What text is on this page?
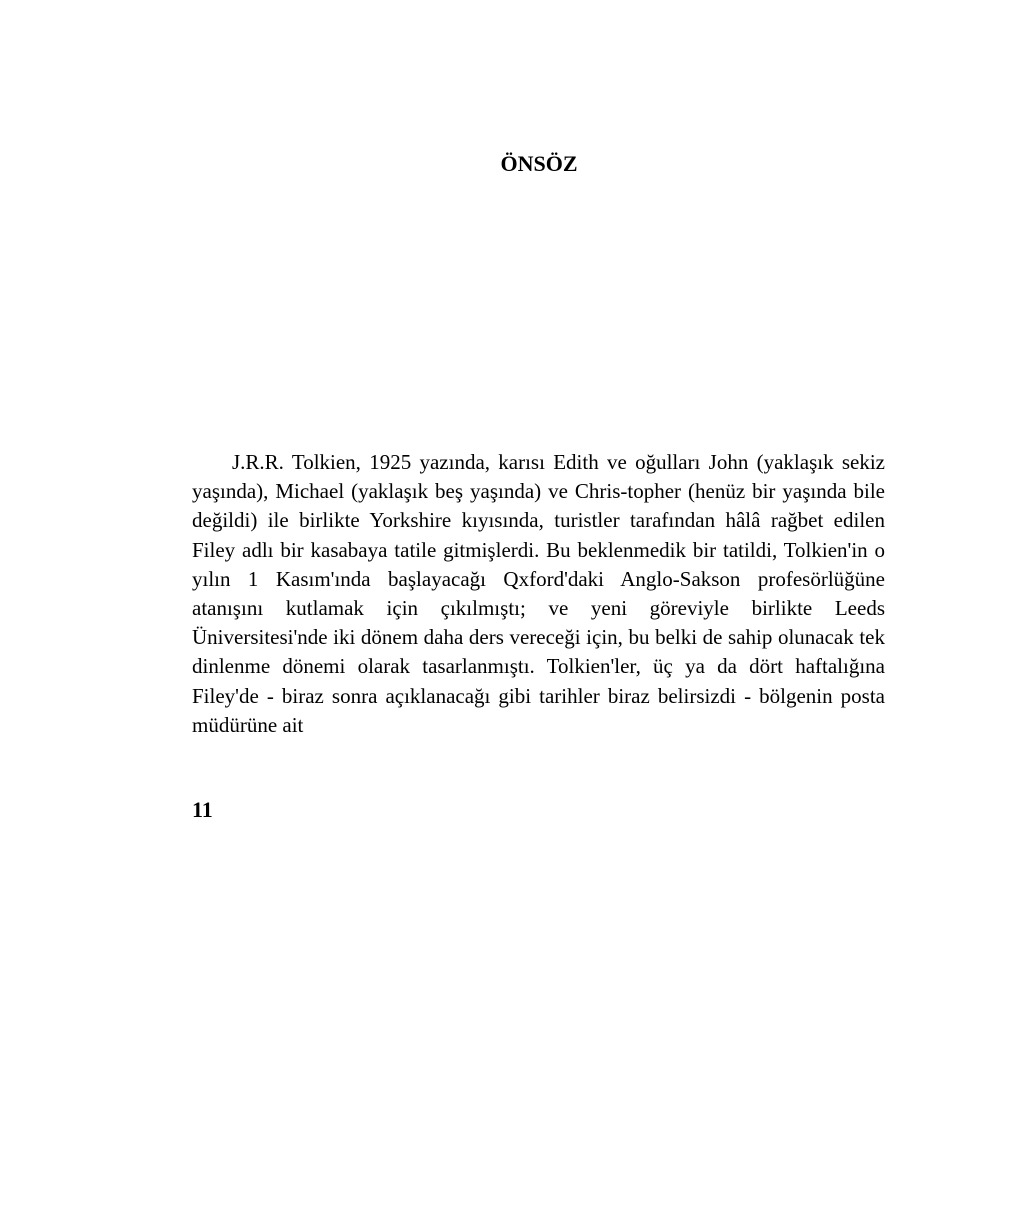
ÖNSÖZ

J.R.R. Tolkien, 1925 yazında, karısı Edith ve oğulları John (yaklaşık sekiz yaşında), Michael (yaklaşık beş yaşında) ve Chris-topher (henüz bir yaşında bile değildi) ile birlikte Yorkshire kıyısında, turistler tarafından hâlâ rağbet edilen Filey adlı bir kasabaya tatile gitmişlerdi. Bu beklenmedik bir tatildi, Tolkien'in o yılın 1 Kasım'ında başlayacağı Qxford'daki Anglo-Sakson profesörlüğüne atanışını kutlamak için çıkılmıştı; ve yeni göreviyle birlikte Leeds Üniversitesi'nde iki dönem daha ders vereceği için, bu belki de sahip olunacak tek dinlenme dönemi olarak tasarlanmıştı. Tolkien'ler, üç ya da dört haftalığına Filey'de - biraz sonra açıklanacağı gibi tarihler biraz belirsizdi - bölgenin posta müdürüne ait

11
